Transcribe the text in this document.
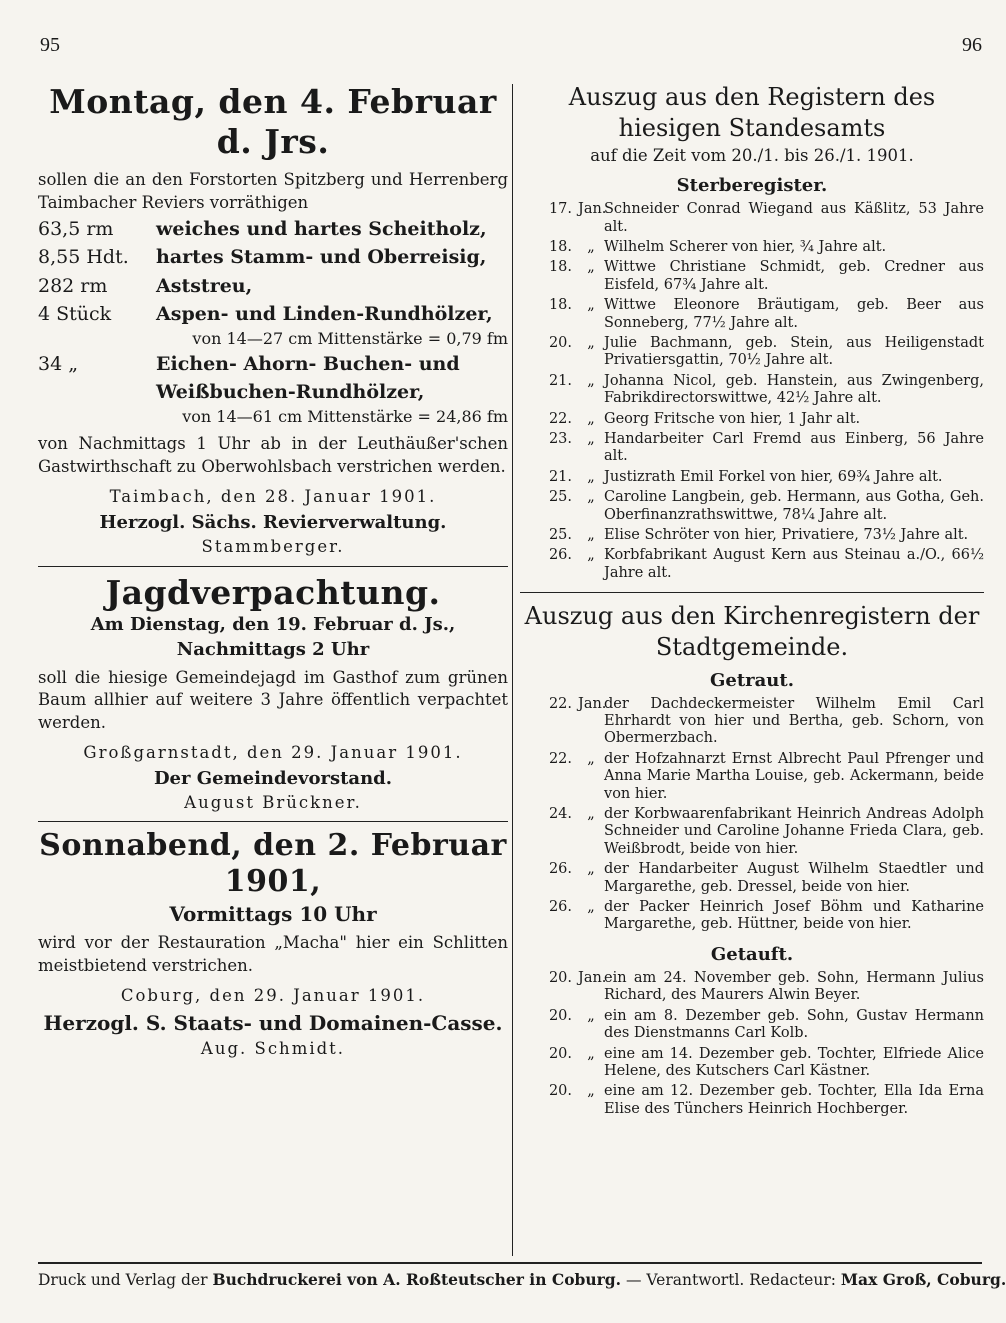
95	96
Montag, den 4. Februar d. Jrs.
sollen die an den Forstorten Spitzberg und Herrenberg Taimbacher Reviers vorräthigen
63,5 rm	weiches und hartes Scheitholz,
8,55 Hdt.	hartes Stamm- und Oberreisig,
282 rm	Aststreu,
4 Stück	Aspen- und Linden-Rundhölzer,
von 14—27 cm Mittenstärke = 0,79 fm
34 „	Eichen- Ahorn- Buchen- und Weißbuchen-Rundhölzer,
von 14—61 cm Mittenstärke = 24,86 fm
von Nachmittags 1 Uhr ab in der Leuthäußer'schen Gastwirthschaft zu Oberwohlsbach verstrichen werden.
Taimbach, den 28. Januar 1901.
Herzogl. Sächs. Revierverwaltung.
Stammberger.
Jagdverpachtung.
Am Dienstag, den 19. Februar d. Js.,
Nachmittags 2 Uhr
soll die hiesige Gemeindejagd im Gasthof zum grünen Baum allhier auf weitere 3 Jahre öffentlich verpachtet werden.
Großgarnstadt, den 29. Januar 1901.
Der Gemeindevorstand.
August Brückner.
Sonnabend, den 2. Februar 1901,
Vormittags 10 Uhr
wird vor der Restauration „Macha" hier ein Schlitten meistbietend verstrichen.
Coburg, den 29. Januar 1901.
Herzogl. S. Staats- und Domainen-Casse.
Aug. Schmidt.
Auszug aus den Registern des hiesigen Standesamts
auf die Zeit vom 20./1. bis 26./1. 1901.
Sterberegister.
17. Jan.
Schneider Conrad Wiegand aus Käßlitz, 53 Jahre alt.
18.	„ Wilhelm Scherer von hier, ¾ Jahre alt.
18.	„ Wittwe Christiane Schmidt, geb. Credner aus Eisfeld, 67¾ Jahre alt.
18.	„ Wittwe Eleonore Bräutigam, geb. Beer aus Sonneberg, 77½ Jahre alt.
20.	„ Julie Bachmann, geb. Stein, aus Heiligenstadt Privatiersgattin, 70½ Jahre alt.
21.	„ Johanna Nicol, geb. Hanstein, aus Zwingenberg, Fabrikdirectorswittwe, 42½ Jahre alt.
22.	„ Georg Fritsche von hier, 1 Jahr alt.
23.	„ Handarbeiter Carl Fremd aus Einberg, 56 Jahre alt.
21.	„ Justizrath Emil Forkel von hier, 69¾ Jahre alt.
25.	„ Caroline Langbein, geb. Hermann, aus Gotha, Geh. Oberfinanzrathswittwe, 78¼ Jahre alt.
25.	„ Elise Schröter von hier, Privatiere, 73½ Jahre alt.
26.	„ Korbfabrikant August Kern aus Steinau a./O., 66½ Jahre alt.
Auszug aus den Kirchenregistern der Stadtgemeinde.
Getraut.
22. Jan.
der Dachdeckermeister Wilhelm Emil Carl Ehrhardt von hier und Bertha, geb. Schorn, von Obermerzbach.
22.	„ der Hofzahnarzt Ernst Albrecht Paul Pfrenger und Anna Marie Martha Louise, geb. Ackermann, beide von hier.
24.	„ der Korbwaarenfabrikant Heinrich Andreas Adolph Schneider und Caroline Johanne Frieda Clara, geb. Weißbrodt, beide von hier.
26.	„ der Handarbeiter August Wilhelm Staedtler und Margarethe, geb. Dressel, beide von hier.
26.	„ der Packer Heinrich Josef Böhm und Katharine Margarethe, geb. Hüttner, beide von hier.
Getauft.
20. Jan.
ein am 24. November geb. Sohn, Hermann Julius Richard, des Maurers Alwin Beyer.
20.	„ ein am 8. Dezember geb. Sohn, Gustav Hermann des Dienstmanns Carl Kolb.
20.	„ eine am 14. Dezember geb. Tochter, Elfriede Alice Helene, des Kutschers Carl Kästner.
20.	„ eine am 12. Dezember geb. Tochter, Ella Ida Erna Elise des Tünchers Heinrich Hochberger.
Druck und Verlag der Buchdruckerei von A. Roßteutscher in Coburg. — Verantwortl. Redacteur: Max Groß, Coburg.
